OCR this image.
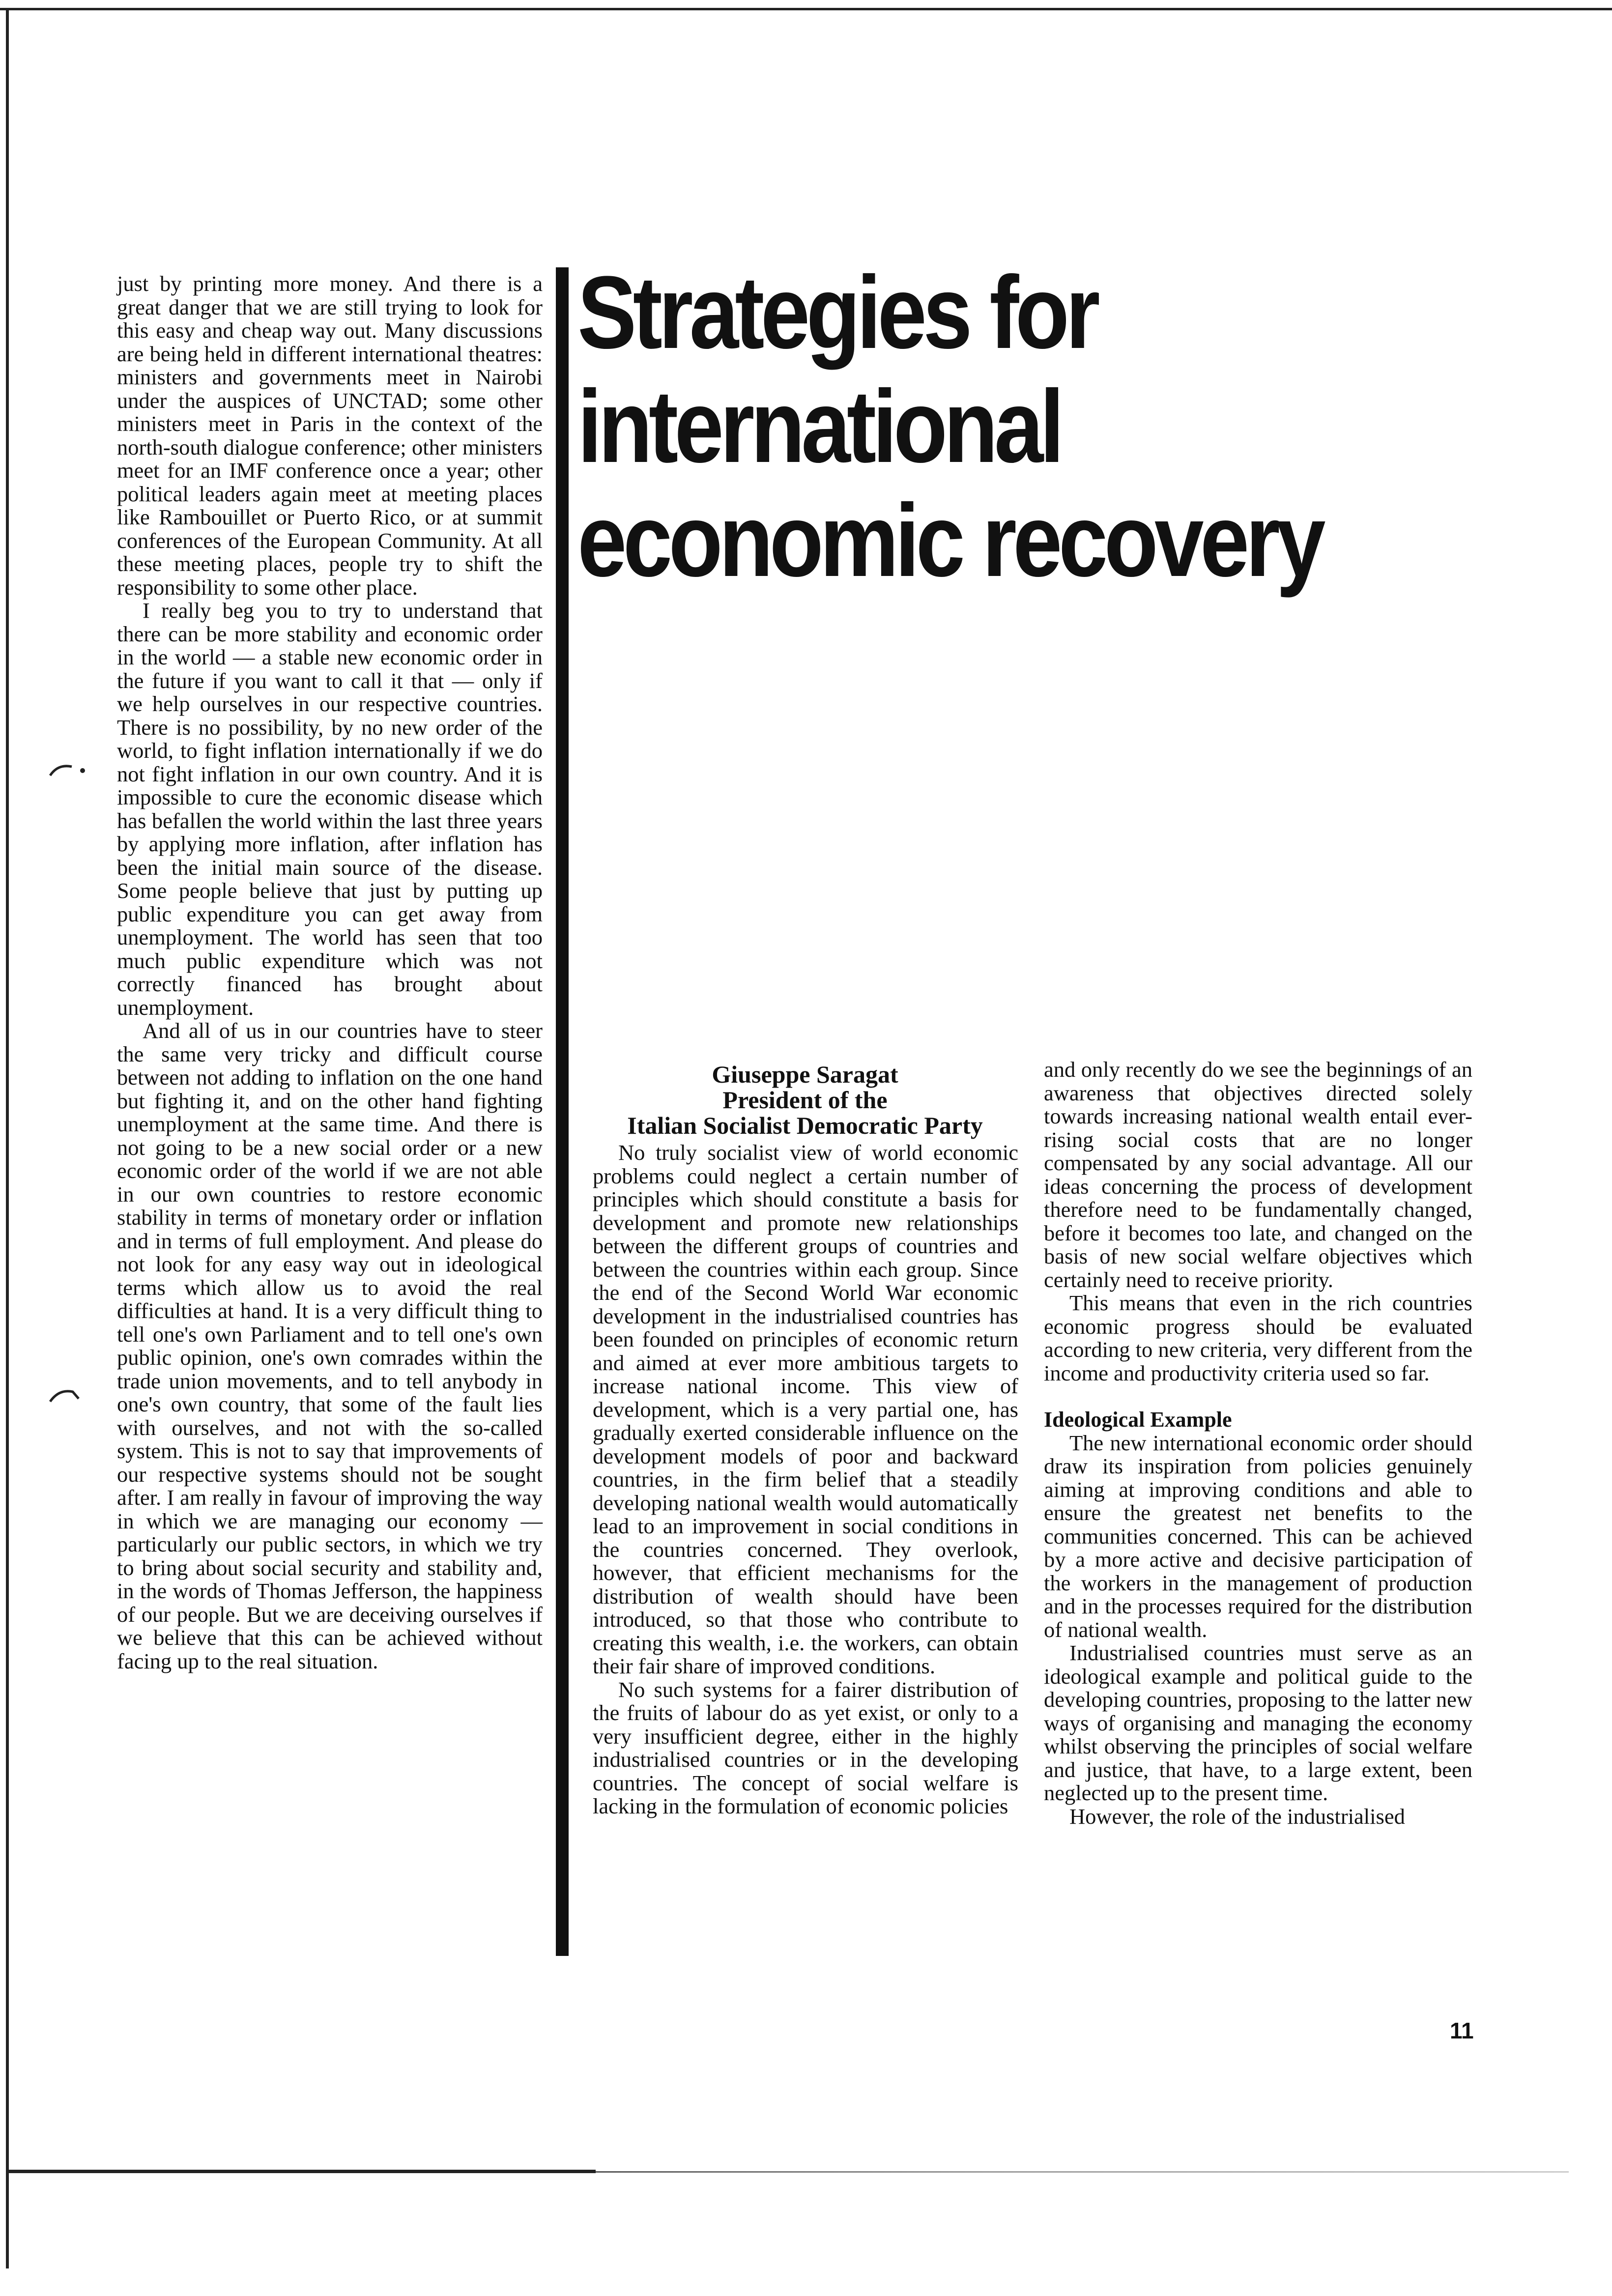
just by printing more money. And there is a great danger that we are still trying to look for this easy and cheap way out. Many discussions are being held in different international theatres: ministers and governments meet in Nairobi under the auspices of UNCTAD; some other ministers meet in Paris in the context of the north-south dialogue conference; other ministers meet for an IMF conference once a year; other political leaders again meet at meeting places like Rambouillet or Puerto Rico, or at summit conferences of the European Community. At all these meeting places, people try to shift the responsibility to some other place.

I really beg you to try to understand that there can be more stability and economic order in the world — a stable new economic order in the future if you want to call it that — only if we help ourselves in our respective countries. There is no possibility, by no new order of the world, to fight inflation internationally if we do not fight inflation in our own country. And it is impossible to cure the economic disease which has befallen the world within the last three years by applying more inflation, after inflation has been the initial main source of the disease. Some people believe that just by putting up public expenditure you can get away from unemployment. The world has seen that too much public expenditure which was not correctly financed has brought about unemployment.

And all of us in our countries have to steer the same very tricky and difficult course between not adding to inflation on the one hand but fighting it, and on the other hand fighting unemployment at the same time. And there is not going to be a new social order or a new economic order of the world if we are not able in our own countries to restore economic stability in terms of monetary order or inflation and in terms of full employment. And please do not look for any easy way out in ideological terms which allow us to avoid the real difficulties at hand. It is a very difficult thing to tell one's own Parliament and to tell one's own public opinion, one's own comrades within the trade union movements, and to tell anybody in one's own country, that some of the fault lies with ourselves, and not with the so-called system. This is not to say that improvements of our respective systems should not be sought after. I am really in favour of improving the way in which we are managing our economy — particularly our public sectors, in which we try to bring about social security and stability and, in the words of Thomas Jefferson, the happiness of our people. But we are deceiving ourselves if we believe that this can be achieved without facing up to the real situation.

Strategies for
international
economic recovery
Giuseppe Saragat
President of the
Italian Socialist Democratic Party

No truly socialist view of world economic problems could neglect a certain number of principles which should constitute a basis for development and promote new relationships between the different groups of countries and between the countries within each group. Since the end of the Second World War economic development in the industrialised countries has been founded on principles of economic return and aimed at ever more ambitious targets to increase national income. This view of development, which is a very partial one, has gradually exerted considerable influence on the development models of poor and backward countries, in the firm belief that a steadily developing national wealth would automatically lead to an improvement in social conditions in the countries concerned. They overlook, however, that efficient mechanisms for the distribution of wealth should have been introduced, so that those who contribute to creating this wealth, i.e. the workers, can obtain their fair share of improved conditions.

No such systems for a fairer distribution of the fruits of labour do as yet exist, or only to a very insufficient degree, either in the highly industrialised countries or in the developing countries. The concept of social welfare is lacking in the formulation of economic policies

and only recently do we see the beginnings of an awareness that objectives directed solely towards increasing national wealth entail ever-rising social costs that are no longer compensated by any social advantage. All our ideas concerning the process of development therefore need to be fundamentally changed, before it becomes too late, and changed on the basis of new social welfare objectives which certainly need to receive priority.

This means that even in the rich countries economic progress should be evaluated according to new criteria, very different from the income and productivity criteria used so far.

Ideological Example

The new international economic order should draw its inspiration from policies genuinely aiming at improving conditions and able to ensure the greatest net benefits to the communities concerned. This can be achieved by a more active and decisive participation of the workers in the management of production and in the processes required for the distribution of national wealth.

Industrialised countries must serve as an ideological example and political guide to the developing countries, proposing to the latter new ways of organising and managing the economy whilst observing the principles of social welfare and justice, that have, to a large extent, been neglected up to the present time.

However, the role of the industrialised

11
